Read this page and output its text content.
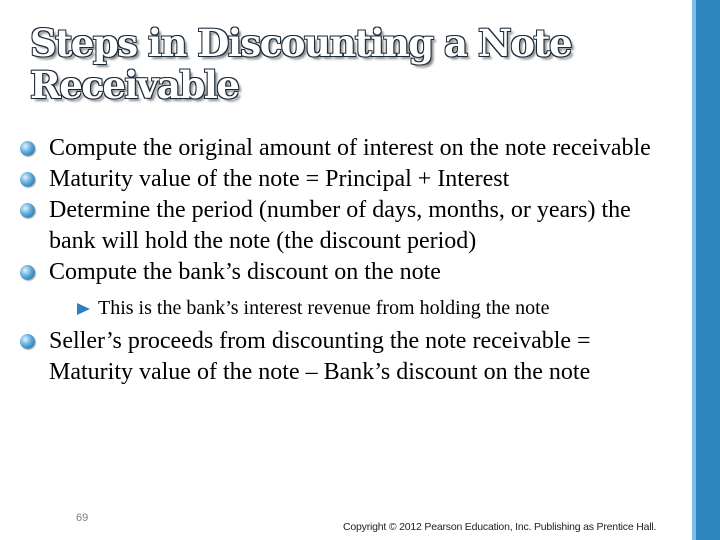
Steps in Discounting a Note
Receivable
Compute the original amount of interest on the note receivable
Maturity value of the note = Principal + Interest
Determine the period (number of days, months, or years) the bank will hold the note (the discount period)
Compute the bank’s discount on the note
This is the bank’s interest revenue from holding the note
Seller’s proceeds from discounting the note receivable = Maturity value of the note – Bank’s discount on the note
69
Copyright © 2012 Pearson Education, Inc. Publishing as Prentice Hall.
